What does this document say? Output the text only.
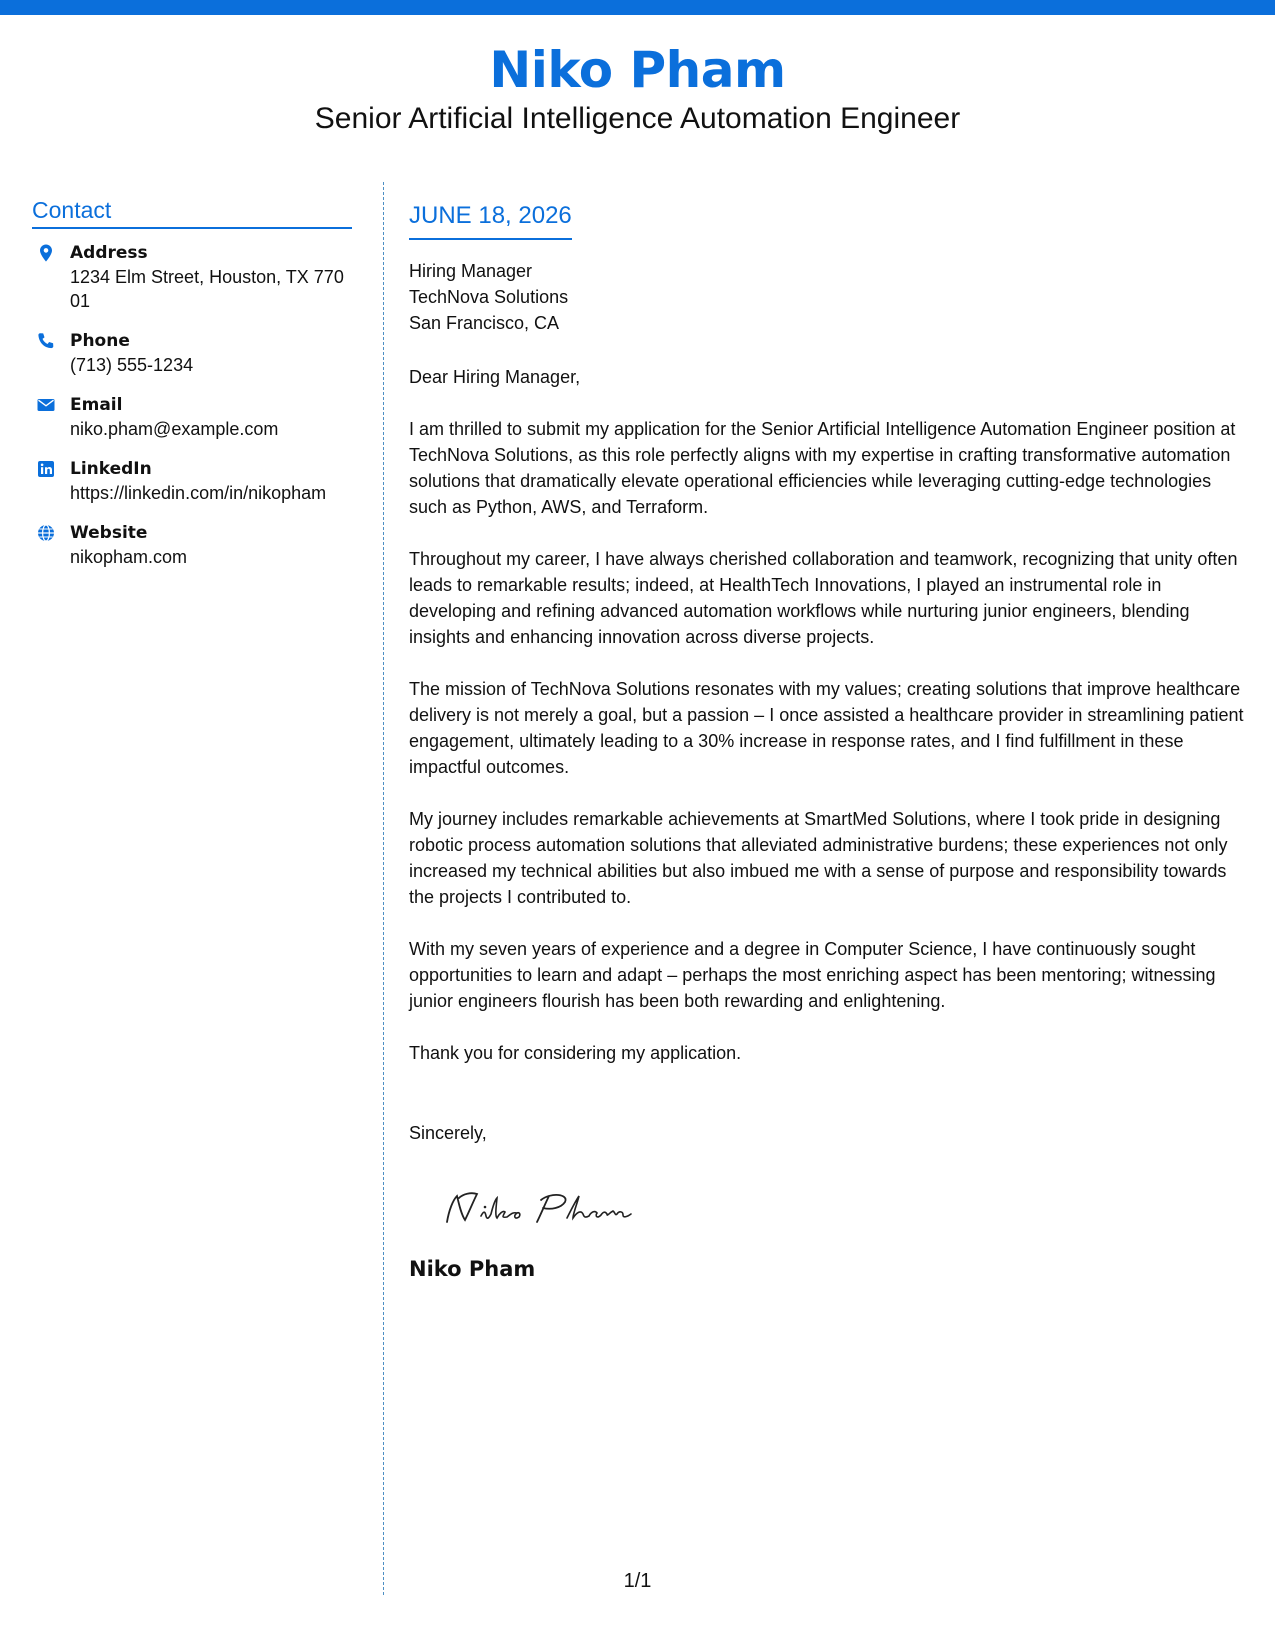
Niko Pham
Senior Artificial Intelligence Automation Engineer
Contact
Address
1234 Elm Street, Houston, TX 77001
Phone
(713) 555-1234
Email
niko.pham@example.com
LinkedIn
https://linkedin.com/in/nikopham
Website
nikopham.com
JUNE 18, 2026
Hiring Manager
TechNova Solutions
San Francisco, CA
Dear Hiring Manager,

I am thrilled to submit my application for the Senior Artificial Intelligence Automation Engineer position at TechNova Solutions, as this role perfectly aligns with my expertise in crafting transformative automation solutions that dramatically elevate operational efficiencies while leveraging cutting-edge technologies such as Python, AWS, and Terraform.

Throughout my career, I have always cherished collaboration and teamwork, recognizing that unity often leads to remarkable results; indeed, at HealthTech Innovations, I played an instrumental role in developing and refining advanced automation workflows while nurturing junior engineers, blending insights and enhancing innovation across diverse projects.

The mission of TechNova Solutions resonates with my values; creating solutions that improve healthcare delivery is not merely a goal, but a passion – I once assisted a healthcare provider in streamlining patient engagement, ultimately leading to a 30% increase in response rates, and I find fulfillment in these impactful outcomes.

My journey includes remarkable achievements at SmartMed Solutions, where I took pride in designing robotic process automation solutions that alleviated administrative burdens; these experiences not only increased my technical abilities but also imbued me with a sense of purpose and responsibility towards the projects I contributed to.

With my seven years of experience and a degree in Computer Science, I have continuously sought opportunities to learn and adapt – perhaps the most enriching aspect has been mentoring; witnessing junior engineers flourish has been both rewarding and enlightening.

Thank you for considering my application.

Sincerely,
Niko Pham
1/1
